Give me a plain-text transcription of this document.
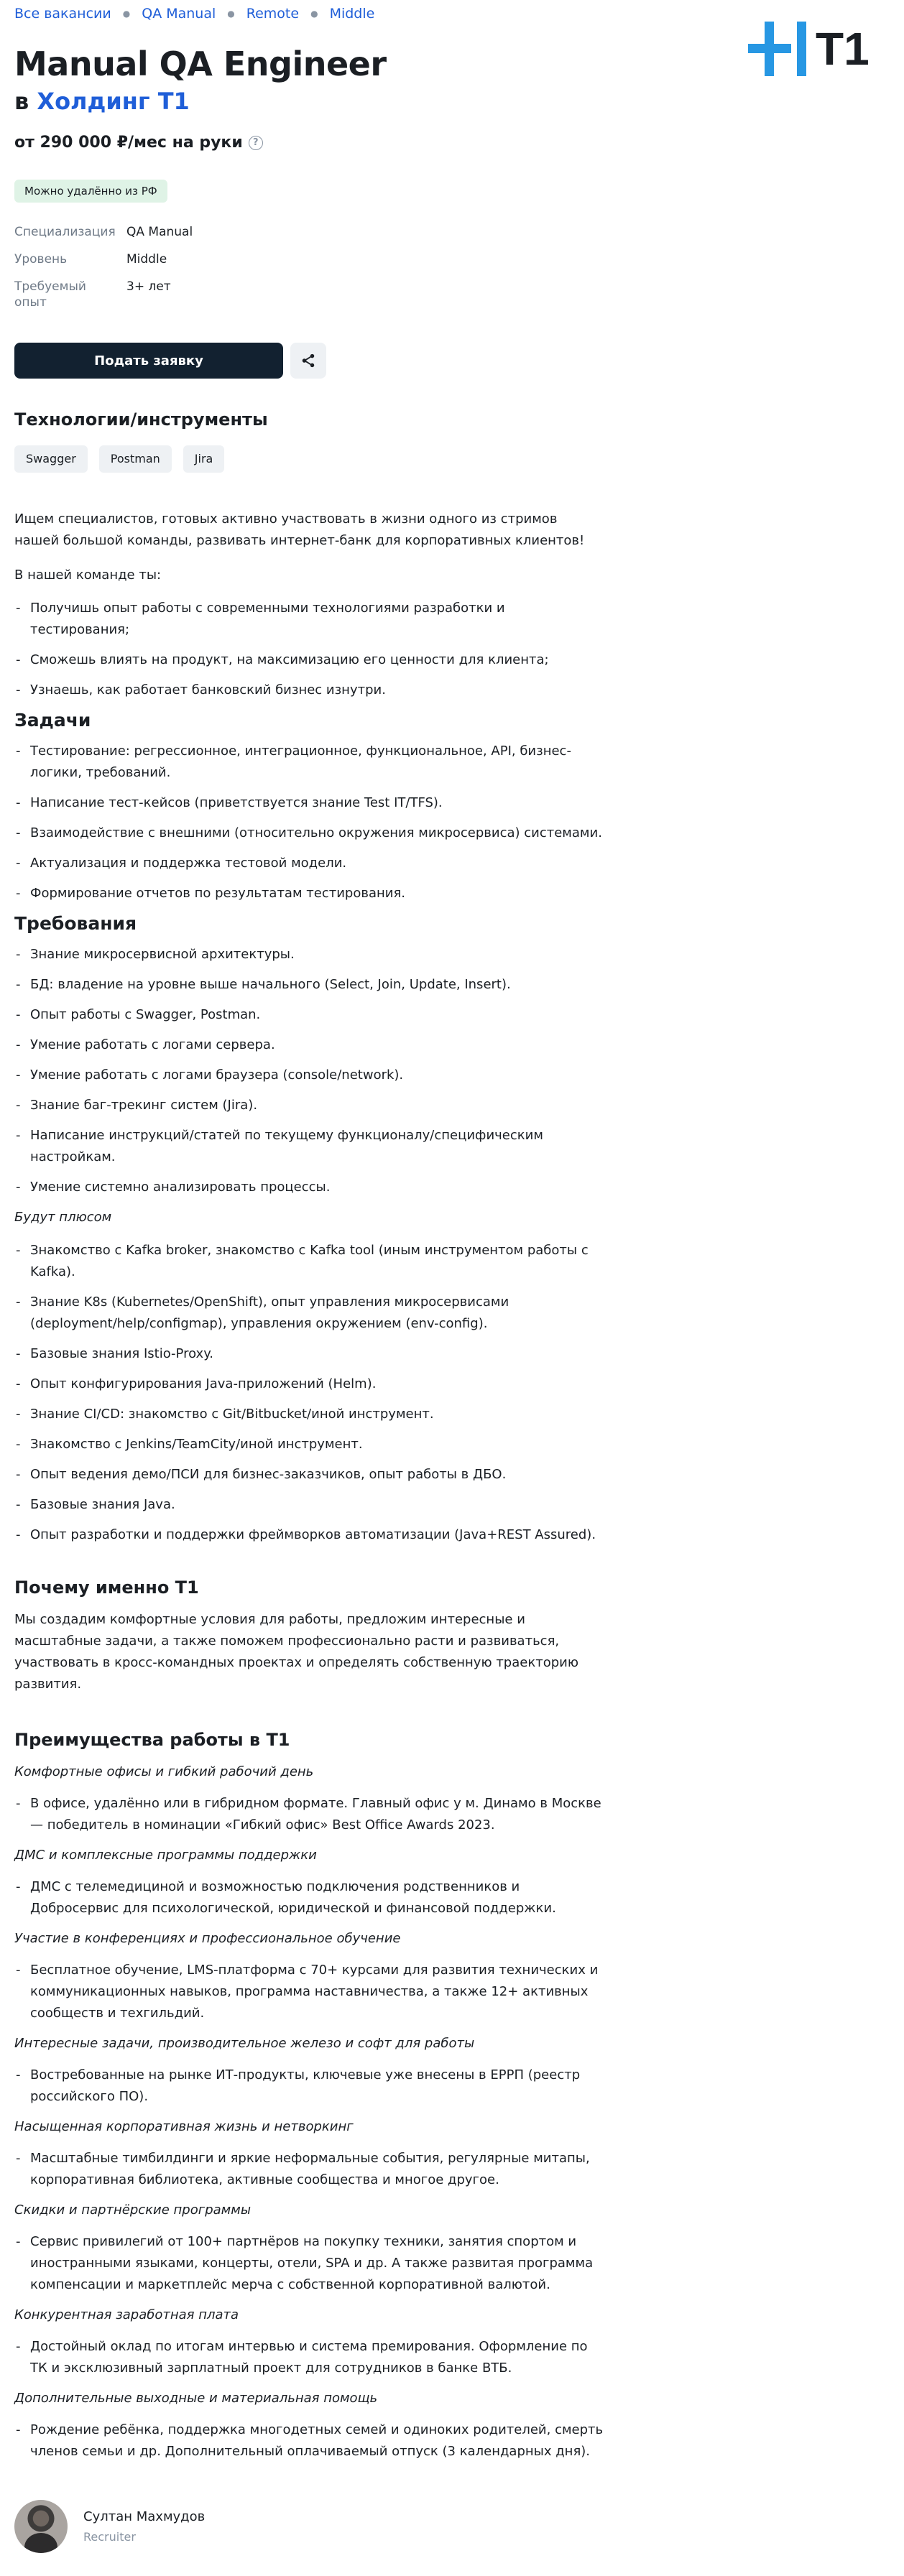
Все вакансии ● QA Manual ● Remote ● Middle
T1
Manual QA Engineer
в Холдинг Т1
от 290 000 ₽/мес на руки	?
Можно удалённо из РФ
Специализация QA Manual
Уровень	Middle
Требуемый опыт
3+ лет
Подать заявку
Технологии/инструменты
Swagger	Postman	Jira

Ищем специалистов, готовых активно участвовать в жизни одного из стримов нашей большой команды, развивать интернет-банк для корпоративных клиентов!

В нашей команде ты:

- Получишь опыт работы с современными технологиями разработки и тестирования;
- Сможешь влиять на продукт, на максимизацию его ценности для клиента;
- Узнаешь, как работает банковский бизнес изнутри.
Задачи
- Тестирование: регрессионное, интеграционное, функциональное, API, бизнес-логики, требований.
- Написание тест-кейсов (приветствуется знание Test IT/TFS).
- Взаимодействие с внешними (относительно окружения микросервиса) системами.
- Актуализация и поддержка тестовой модели.
- Формирование отчетов по результатам тестирования.
Требования
- Знание микросервисной архитектуры.
- БД: владение на уровне выше начального (Select, Join, Update, Insert).
- Опыт работы с Swagger, Postman.
- Умение работать с логами сервера.
- Умение работать с логами браузера (console/network).
- Знание баг-трекинг систем (Jira).
- Написание инструкций/статей по текущему функционалу/специфическим настройкам.
- Умение системно анализировать процессы.

Будут плюсом

- Знакомство с Kafka broker, знакомство с Kafka tool (иным инструментом работы с Kafka).
- Знание K8s (Kubernetes/OpenShift), опыт управления микросервисами (deployment/help/configmap), управления окружением (env-config).
- Базовые знания Istio-Proxy.
- Опыт конфигурирования Java-приложений (Helm).
- Знание CI/CD: знакомство с Git/Bitbucket/иной инструмент.
- Знакомство с Jenkins/TeamCity/иной инструмент.
- Опыт ведения демо/ПСИ для бизнес-заказчиков, опыт работы в ДБО.
- Базовые знания Java.
- Опыт разработки и поддержки фреймворков автоматизации (Java+REST Assured).
Почему именно Т1

Мы создадим комфортные условия для работы, предложим интересные и масштабные задачи, а также поможем профессионально расти и развиваться, участвовать в кросс-командных проектах и определять собственную траекторию развития.

Преимущества работы в Т1

Комфортные офисы и гибкий рабочий день

- В офисе, удалённо или в гибридном формате. Главный офис у м. Динамо в Москве — победитель в номинации «Гибкий офис» Best Office Awards 2023.

ДМС и комплексные программы поддержки

- ДМС с телемедициной и возможностью подключения родственников и Добросервис для психологической, юридической и финансовой поддержки.

Участие в конференциях и профессиональное обучение

- Бесплатное обучение, LMS-платформа с 70+ курсами для развития технических и коммуникационных навыков, программа наставничества, а также 12+ активных сообществ и техгильдий.

Интересные задачи, производительное железо и софт для работы

- Востребованные на рынке ИТ-продукты, ключевые уже внесены в ЕРРП (реестр российского ПО).

Насыщенная корпоративная жизнь и нетворкинг

- Масштабные тимбилдинги и яркие неформальные события, регулярные митапы, корпоративная библиотека, активные сообщества и многое другое.

Скидки и партнёрские программы

- Сервис привилегий от 100+ партнёров на покупку техники, занятия спортом и иностранными языками, концерты, отели, SPA и др. А также развитая программа компенсации и маркетплейс мерча с собственной корпоративной валютой.

Конкурентная заработная плата

- Достойный оклад по итогам интервью и система премирования. Оформление по ТК и эксклюзивный зарплатный проект для сотрудников в банке ВТБ.

Дополнительные выходные и материальная помощь

- Рождение ребёнка, поддержка многодетных семей и одиноких родителей, смерть членов семьи и др. Дополнительный оплачиваемый отпуск (3 календарных дня).
Султан Махмудов
Recruiter
